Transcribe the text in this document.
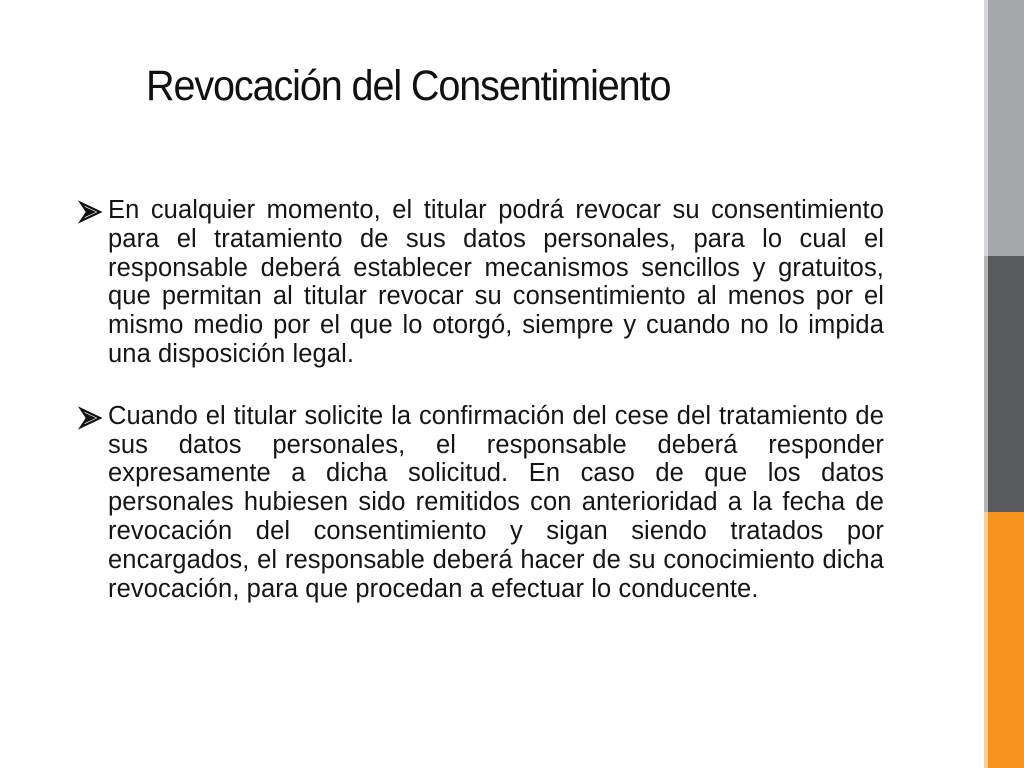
Revocación del Consentimiento
En cualquier momento, el titular podrá revocar su consentimiento para el tratamiento de sus datos personales, para lo cual el responsable deberá establecer mecanismos sencillos y gratuitos, que permitan al titular revocar su consentimiento al menos por el mismo medio por el que lo otorgó, siempre y cuando no lo impida una disposición legal.
Cuando el titular solicite la confirmación del cese del tratamiento de sus datos personales, el responsable deberá responder expresamente a dicha solicitud. En caso de que los datos personales hubiesen sido remitidos con anterioridad a la fecha de revocación del consentimiento y sigan siendo tratados por encargados, el responsable deberá hacer de su conocimiento dicha revocación, para que procedan a efectuar lo conducente.
